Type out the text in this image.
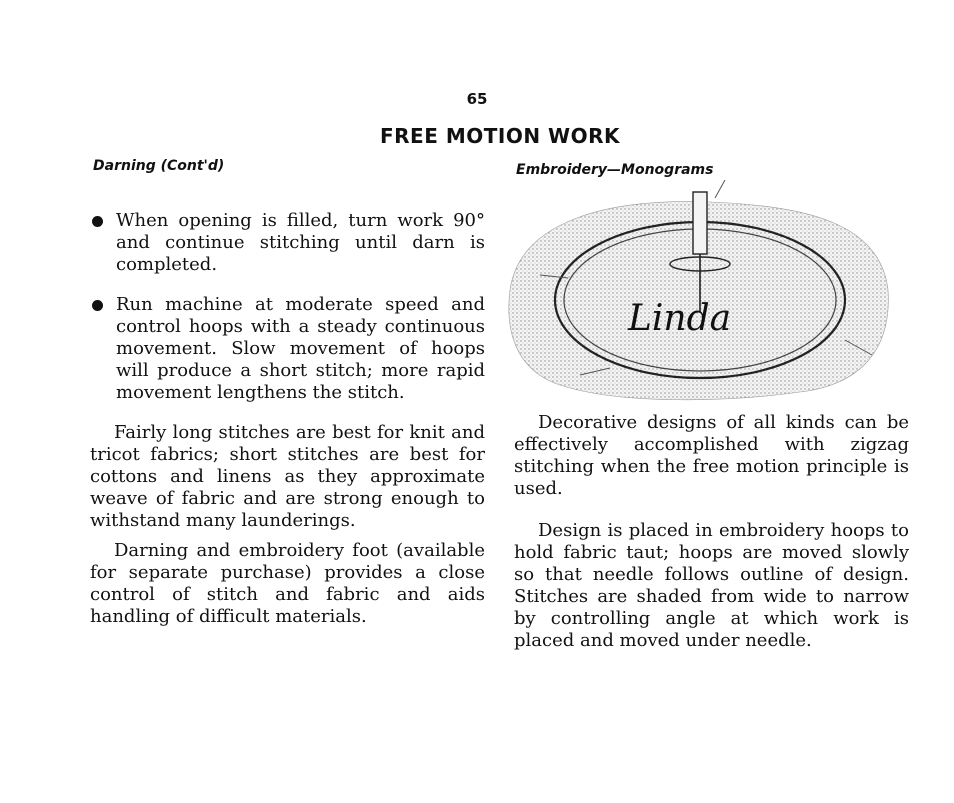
65
FREE MOTION WORK
Darning (Cont'd)	Embroidery—Monograms
When opening is filled, turn work 90° and continue stitching until darn is completed.
Run machine at moderate speed and control hoops with a steady continuous movement. Slow movement of hoops will produce a short stitch; more rapid movement lengthens the stitch.

Fairly long stitches are best for knit and tricot fabrics; short stitches are best for cottons and linens as they approximate weave of fabric and are strong enough to withstand many launderings.

Darning and embroidery foot (available for separate purchase) provides a close control of stitch and fabric and aids handling of difficult materials.

Linda

Decorative designs of all kinds can be effectively accomplished with zigzag stitching when the free motion principle is used.

Design is placed in embroidery hoops to hold fabric taut; hoops are moved slowly so that needle follows outline of design. Stitches are shaded from wide to narrow by controlling angle at which work is placed and moved under needle.
